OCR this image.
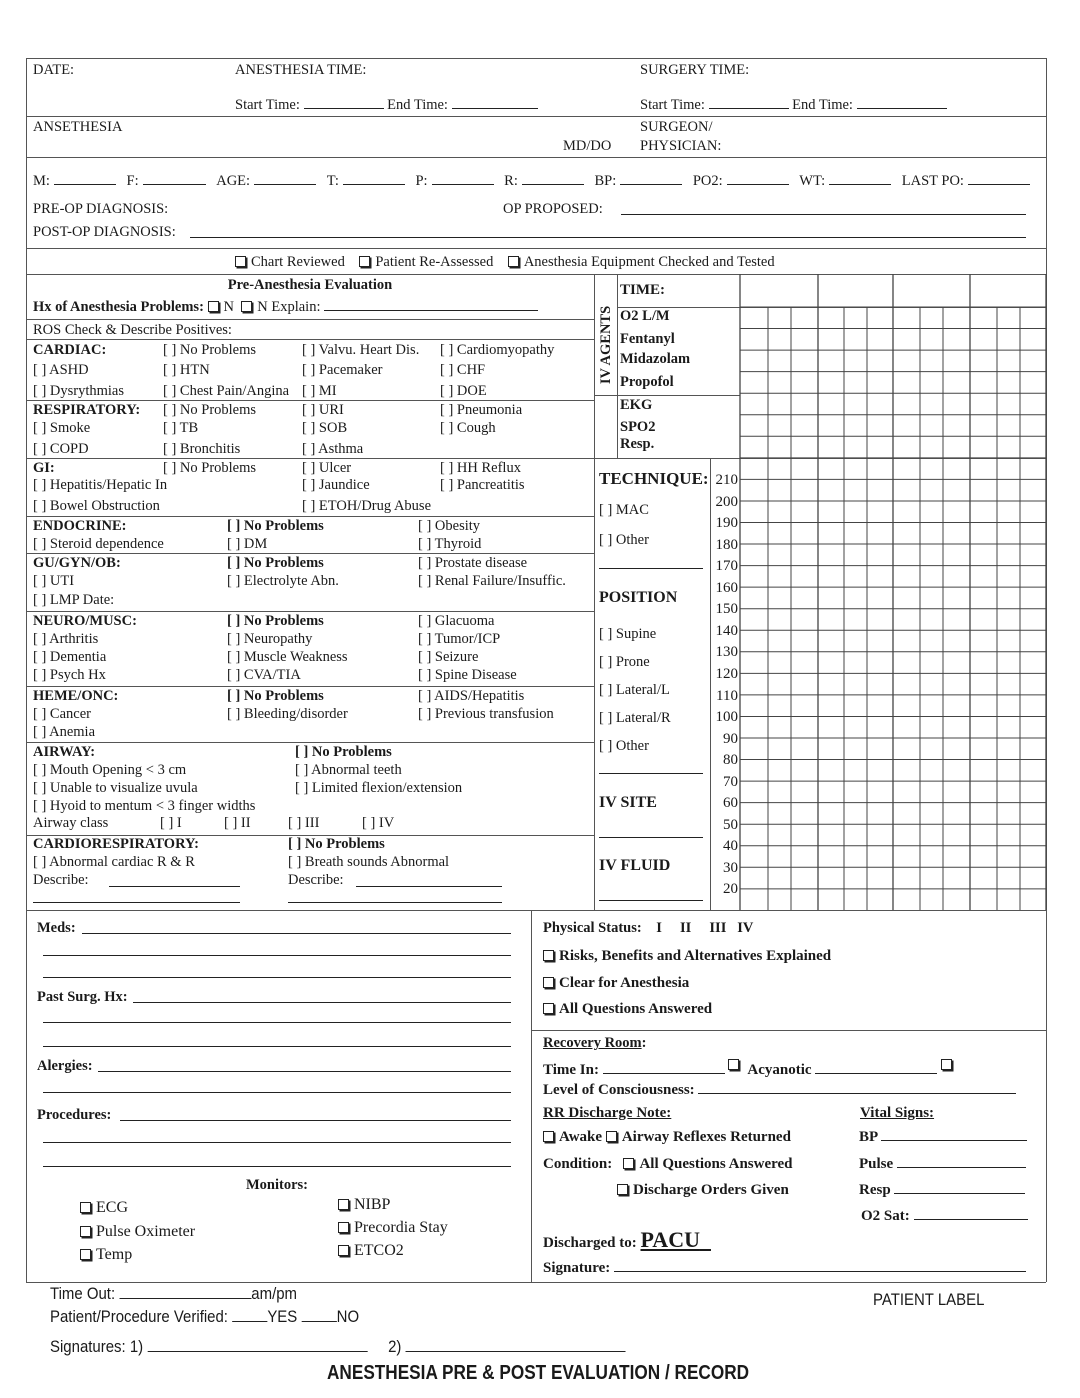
DATE:	ANESTHESIA TIME:	SURGERY TIME:
Start Time:	End Time:	Start Time:	End Time:
ANSETHESIA
MD/DO
SURGEON/
PHYSICIAN:
M:	F:	AGE:	T:	P:	R:	BP:	PO2:	WT:	LAST PO:
PRE-OP DIAGNOSIS:	OP PROPOSED:
POST-OP DIAGNOSIS:
Chart Reviewed Patient Re-Assessed Anesthesia Equipment Checked and Tested
Pre-Anesthesia Evaluation
Hx of Anesthesia Problems: N N Explain:
ROS Check & Describe Positives:
CARDIAC:	[ ] No Problems	[ ] Valvu. Heart Dis. [ ] Cardiomyopathy
[ ] ASHD	[ ] HTN	[ ] Pacemaker	[ ] CHF
[ ] Dysrythmias	[ ] Chest Pain/Angina [ ] MI	[ ] DOE
RESPIRATORY: [ ] No Problems	[ ] URI	[ ] Pneumonia
[ ] Smoke	[ ] TB	[ ] SOB	[ ] Cough
[ ] COPD	[ ] Bronchitis	[ ] Asthma
GI:	[ ] No Problems	[ ] Ulcer	[ ] HH Reflux
[ ] Hepatitis/Hepatic In	[ ] Jaundice	[ ] Pancreatitis
[ ] Bowel Obstruction	[ ] ETOH/Drug Abuse
ENDOCRINE:	[ ] No Problems	[ ] Obesity
[ ] Steroid dependence	[ ] DM	[ ] Thyroid
GU/GYN/OB:	[ ] No Problems	[ ] Prostate disease
[ ] UTI	[ ] Electrolyte Abn.	[ ] Renal Failure/Insuffic.
[ ] LMP Date:
NEURO/MUSC:	[ ] No Problems	[ ] Glacuoma
[ ] Arthritis	[ ] Neuropathy	[ ] Tumor/ICP
[ ] Dementia	[ ] Muscle Weakness	[ ] Seizure
[ ] Psych Hx	[ ] CVA/TIA	[ ] Spine Disease
HEME/ONC:	[ ] No Problems	[ ] AIDS/Hepatitis
[ ] Cancer	[ ] Bleeding/disorder	[ ] Previous transfusion
[ ] Anemia
AIRWAY:	[ ] No Problems
[ ] Mouth Opening < 3 cm	[ ] Abnormal teeth
[ ] Unable to visualize uvula	[ ] Limited flexion/extension
[ ] Hyoid to mentum < 3 finger widths
Airway class	[ ] I	[ ] II	[ ] III	[ ] IV
CARDIORESPIRATORY:	[ ] No Problems
[ ] Abnormal cardiac R & R	[ ] Breath sounds Abnormal
Describe:	Describe:
TIME:
IV AGENTS O2 L/M
Fentanyl
Midazolam
Propofol
EKG
SPO2
Resp.
TECHNIQUE:
[ ] MAC
[ ] Other
POSITION
[ ] Supine
[ ] Prone
[ ] Lateral/L
[ ] Lateral/R
[ ] Other
IV SITE
IV FLUID
210
200
190
180
170
160
150
140
130
120
110
100
90
80
70
60
50
40
30
20
Meds:
Past Surg. Hx:
Alergies:
Procedures:
Monitors:
ECG
Pulse Oximeter
Temp
NIBP
Precordia Stay
ETCO2
Physical Status: I II III IV
Risks, Benefits and Alternatives Explained
Clear for Anesthesia
All Questions Answered
Recovery Room:
Time In:	Acyanotic
Level of Consciousness:
RR Discharge Note:	Vital Signs:
Awake Airway Reflexes Returned
Condition: All Questions Answered
Discharge Orders Given
BP
Pulse
Resp
O2 Sat:
Discharged to: PACU
Signature:
Time Out:	am/pm
Patient/Procedure Verified: YES NO
Signatures: 1)	2)
PATIENT LABEL
ANESTHESIA PRE & POST EVALUATION / RECORD
